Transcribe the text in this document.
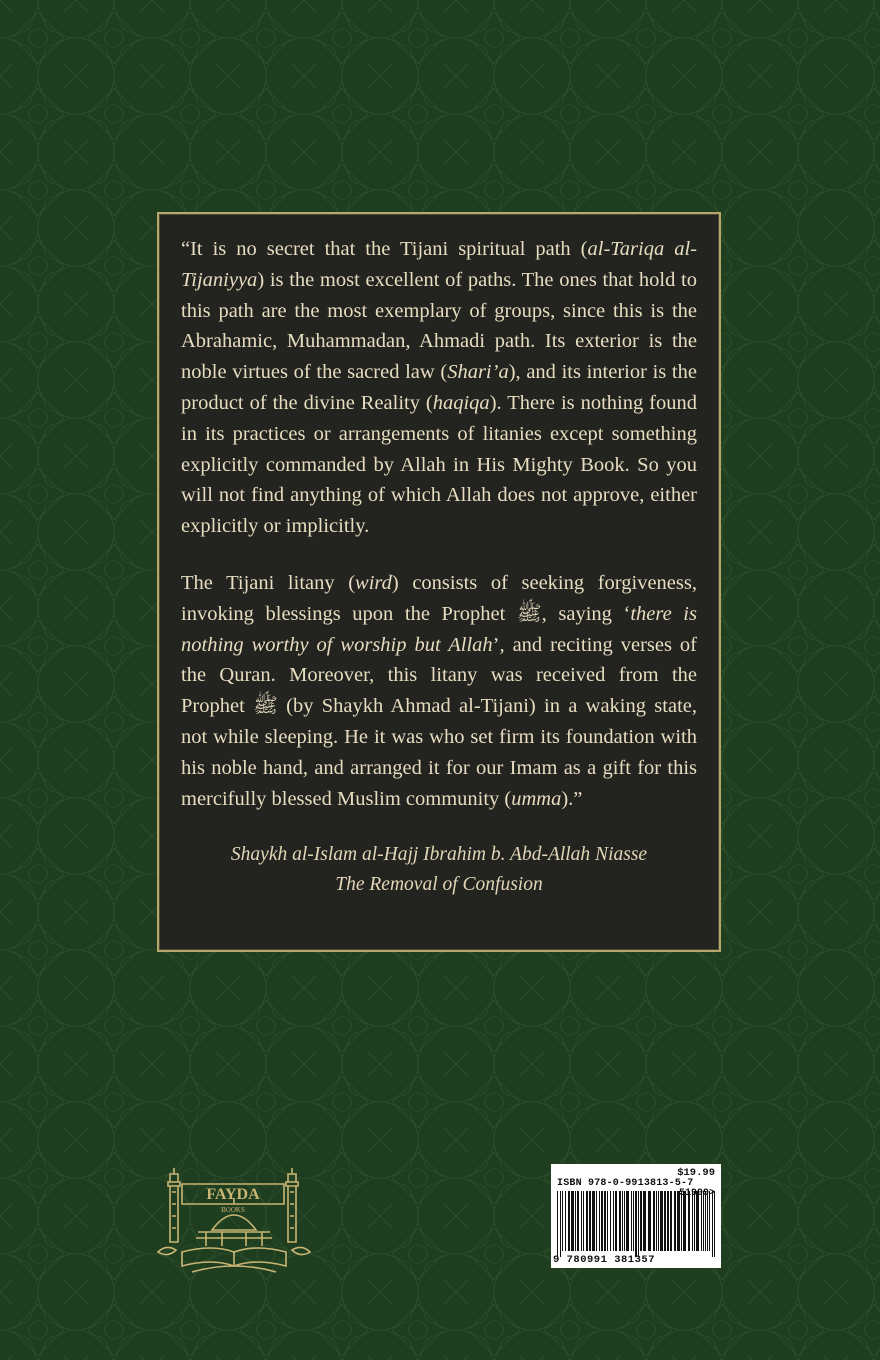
“It is no secret that the Tijani spiritual path (al-Tariqa al-Tijaniyya) is the most excellent of paths. The ones that hold to this path are the most exemplary of groups, since this is the Abrahamic, Muhammadan, Ahmadi path. Its exterior is the noble virtues of the sacred law (Shari’a), and its interior is the product of the divine Reality (haqiqa). There is nothing found in its practices or arrangements of litanies except something explicitly commanded by Allah in His Mighty Book. So you will not find anything of which Allah does not approve, either explicitly or implicitly.

The Tijani litany (wird) consists of seeking forgiveness, invoking blessings upon the Prophet ﷺ, saying ‘there is nothing worthy of worship but Allah’, and reciting verses of the Quran. Moreover, this litany was received from the Prophet ﷺ (by Shaykh Ahmad al-Tijani) in a waking state, not while sleeping. He it was who set firm its foundation with his noble hand, and arranged it for our Imam as a gift for this mercifully blessed Muslim community (umma).”

Shaykh al-Islam al-Hajj Ibrahim b. Abd-Allah Niasse
The Removal of Confusion
FAYDA
BOOKS
$19.99
ISBN 978-0-9913813-5-7
9 780991 381357
